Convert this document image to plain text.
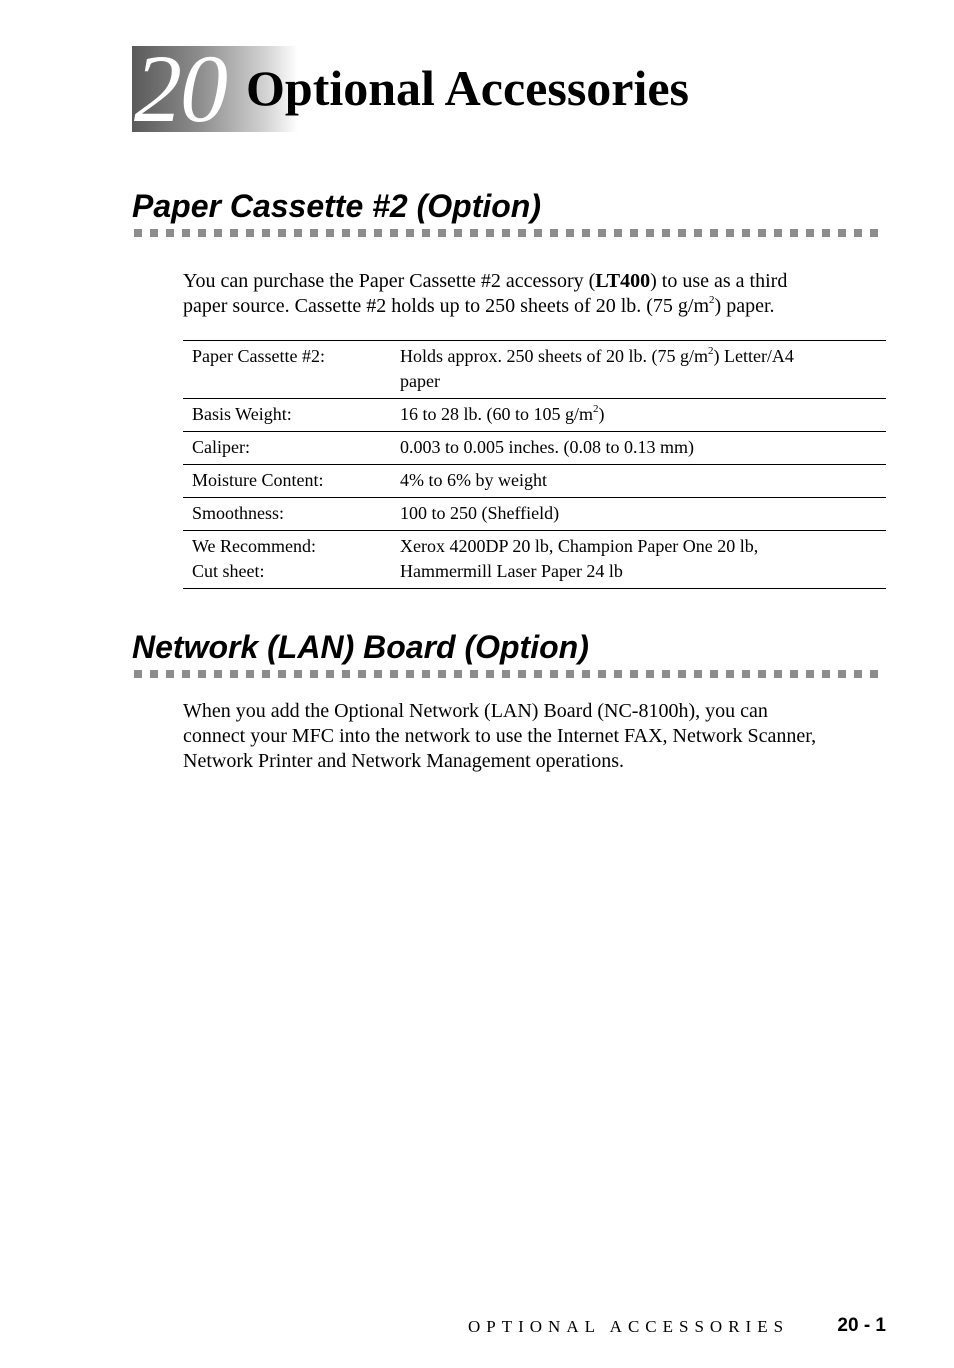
20 Optional Accessories
Paper Cassette #2 (Option)

You can purchase the Paper Cassette #2 accessory (LT400) to use as a third
paper source. Cassette #2 holds up to 250 sheets of 20 lb. (75 $g/m^2$) paper.

Paper Cassette #2:	Holds approx. 250 sheets of 20 lb. (75 $g/m^2$) Letter/A4
paper

Basis Weight:	16 to 28 lb. (60 to 105 $g/m^2$)
Caliper:	0.003 to 0.005 inches. (0.08 to 0.13 mm)
Moisture Content:	4% to 6% by weight
Smoothness:	100 to 250 (Sheffield)

We Recommend:
Cut sheet:	Xerox 4200DP 20 lb, Champion Paper One 20 lb,
Hammermill Laser Paper 24 lb
Network (LAN) Board (Option)

When you add the Optional Network (LAN) Board (NC-8100h), you can
connect your MFC into the network to use the Internet FAX, Network Scanner,
Network Printer and Network Management operations.

OPTIONAL ACCESSORIES	20 - 1
